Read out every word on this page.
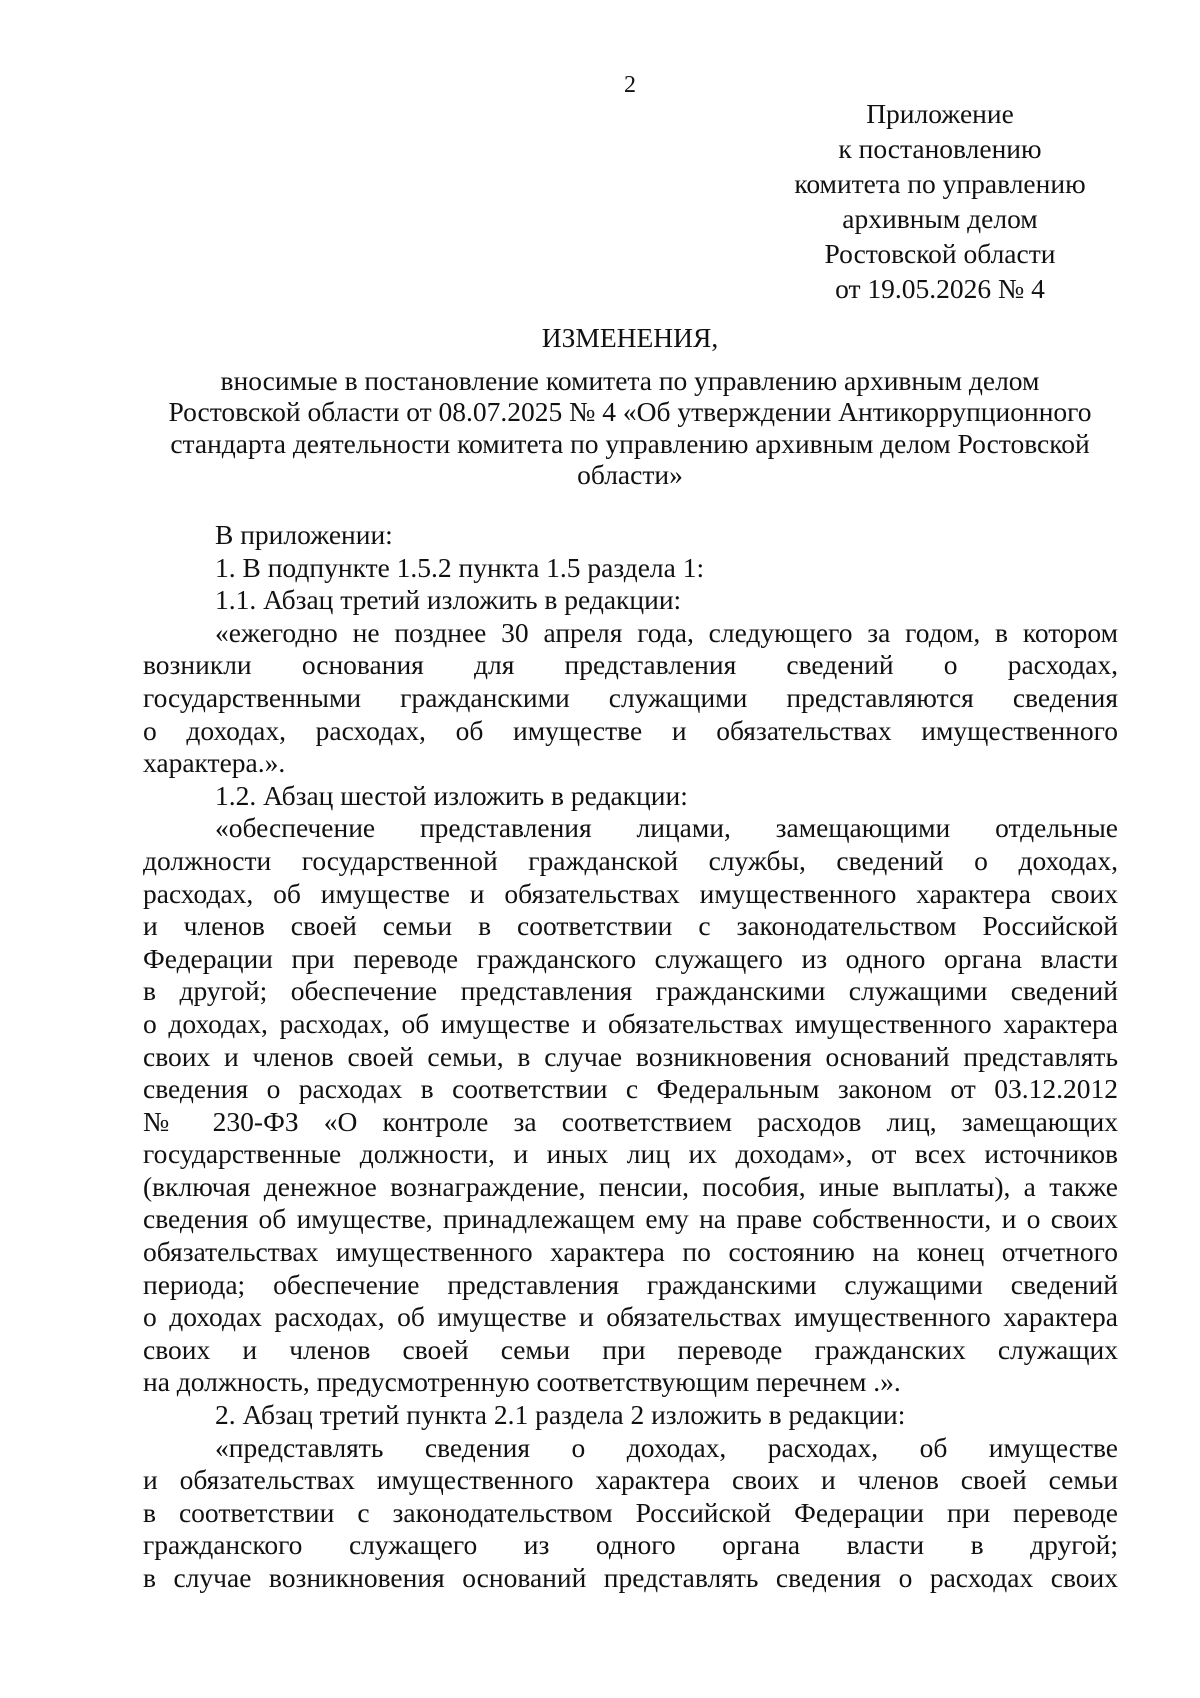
2
Приложение
к постановлению
комитета по управлению
архивным делом
Ростовской области
от 19.05.2026 № 4
ИЗМЕНЕНИЯ,
вносимые в постановление комитета по управлению архивным делом
Ростовской области от 08.07.2025 № 4 «Об утверждении Антикоррупционного
стандарта деятельности комитета по управлению архивным делом Ростовской
области»
В приложении:
1. В подпункте 1.5.2 пункта 1.5 раздела 1:
1.1. Абзац третий изложить в редакции:
«ежегодно не позднее 30 апреля года, следующего за годом, в котором
возникли основания для представления сведений о расходах,
государственными гражданскими служащими представляются сведения
о доходах, расходах, об имуществе и обязательствах имущественного
характера.».
1.2. Абзац шестой изложить в редакции:
«обеспечение представления лицами, замещающими отдельные
должности государственной гражданской службы, сведений о доходах,
расходах, об имуществе и обязательствах имущественного характера своих
и членов своей семьи в соответствии с законодательством Российской
Федерации при переводе гражданского служащего из одного органа власти
в другой; обеспечение представления гражданскими служащими сведений
о доходах, расходах, об имуществе и обязательствах имущественного характера
своих и членов своей семьи, в случае возникновения оснований представлять
сведения о расходах в соответствии с Федеральным законом от 03.12.2012
№ 230-ФЗ «О контроле за соответствием расходов лиц, замещающих
государственные должности, и иных лиц их доходам», от всех источников
(включая денежное вознаграждение, пенсии, пособия, иные выплаты), а также
сведения об имуществе, принадлежащем ему на праве собственности, и о своих
обязательствах имущественного характера по состоянию на конец отчетного
периода; обеспечение представления гражданскими служащими сведений
о доходах расходах, об имуществе и обязательствах имущественного характера
своих и членов своей семьи при переводе гражданских служащих
на должность, предусмотренную соответствующим перечнем .».
2. Абзац третий пункта 2.1 раздела 2 изложить в редакции:
«представлять сведения о доходах, расходах, об имуществе
и обязательствах имущественного характера своих и членов своей семьи
в соответствии с законодательством Российской Федерации при переводе
гражданского служащего из одного органа власти в другой;
в случае возникновения оснований представлять сведения о расходах своих
